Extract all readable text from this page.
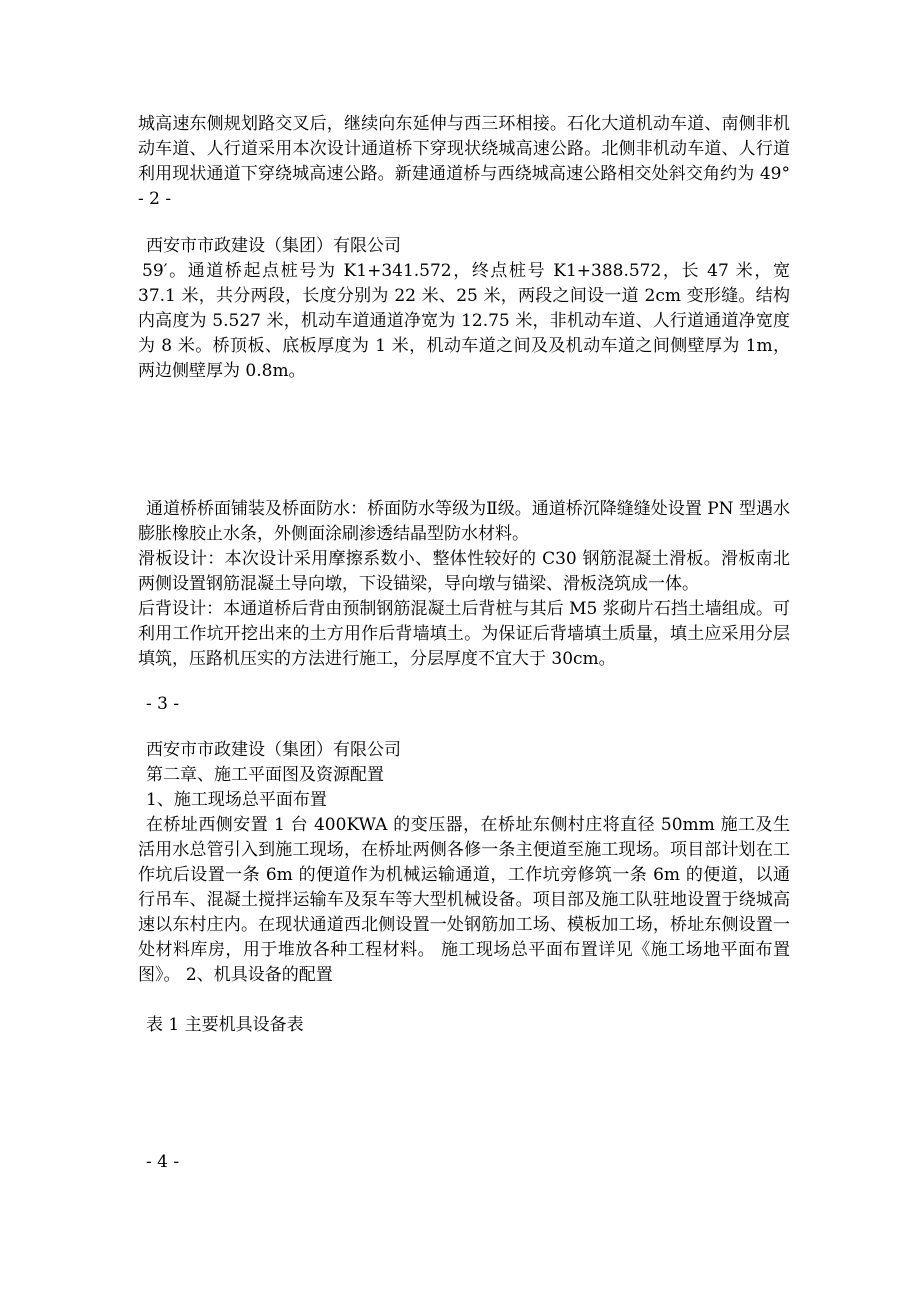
城高速东侧规划路交叉后，继续向东延伸与西三环相接。石化大道机动车道、南侧非机动车道、人行道采用本次设计通道桥下穿现状绕城高速公路。北侧非机动车道、人行道利用现状通道下穿绕城高速公路。新建通道桥与西绕城高速公路相交处斜交角约为 49° - 2 -

西安市市政建设（集团）有限公司

59′。通道桥起点桩号为 K1+341.572，终点桩号 K1+388.572，长 47 米，宽 37.1 米，共分两段，长度分别为 22 米、25 米，两段之间设一道 2cm 变形缝。结构内高度为 5.527 米，机动车道通道净宽为 12.75 米，非机动车道、人行道通道净宽度为 8 米。桥顶板、底板厚度为 1 米，机动车道之间及及机动车道之间侧壁厚为 1m，两边侧壁厚为 0.8m。

通道桥桥面铺装及桥面防水：桥面防水等级为Ⅱ级。通道桥沉降缝缝处设置 PN 型遇水膨胀橡胶止水条，外侧面涂刷渗透结晶型防水材料。

滑板设计：本次设计采用摩擦系数小、整体性较好的 C30 钢筋混凝土滑板。滑板南北两侧设置钢筋混凝土导向墩，下设锚梁，导向墩与锚梁、滑板浇筑成一体。

后背设计：本通道桥后背由预制钢筋混凝土后背桩与其后 M5 浆砌片石挡土墙组成。可利用工作坑开挖出来的土方用作后背墙填土。为保证后背墙填土质量，填土应采用分层填筑，压路机压实的方法进行施工，分层厚度不宜大于 30cm。

- 3 -

西安市市政建设（集团）有限公司

第二章、施工平面图及资源配置

1、施工现场总平面布置

在桥址西侧安置 1 台 400KWA 的变压器，在桥址东侧村庄将直径 50mm 施工及生活用水总管引入到施工现场，在桥址两侧各修一条主便道至施工现场。项目部计划在工作坑后设置一条 6m 的便道作为机械运输通道，工作坑旁修筑一条 6m 的便道，以通行吊车、混凝土搅拌运输车及泵车等大型机械设备。项目部及施工队驻地设置于绕城高速以东村庄内。在现状通道西北侧设置一处钢筋加工场、模板加工场，桥址东侧设置一处材料库房，用于堆放各种工程材料。 施工现场总平面布置详见《施工场地平面布置图》。 2、机具设备的配置

表 1 主要机具设备表

- 4 -
